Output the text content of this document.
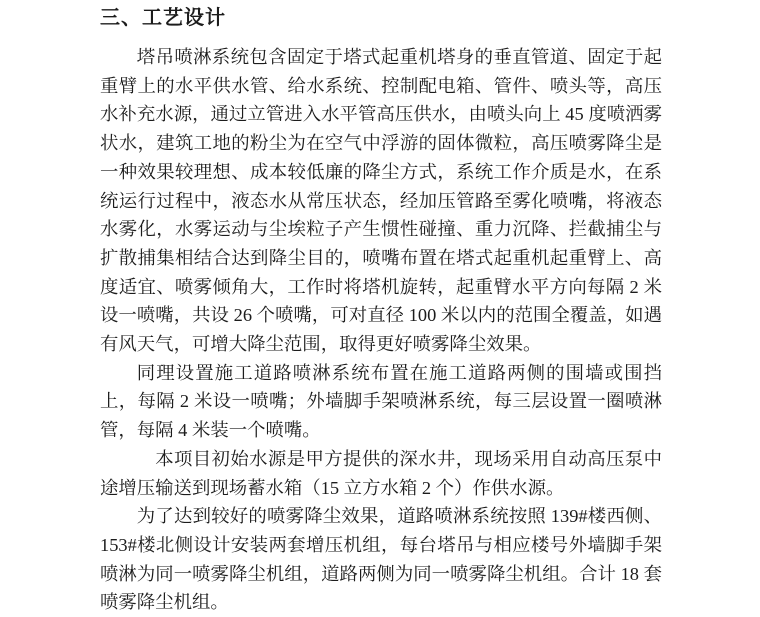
三、工艺设计

塔吊喷淋系统包含固定于塔式起重机塔身的垂直管道、固定于起重臂上的水平供水管、给水系统、控制配电箱、管件、喷头等，高压水补充水源，通过立管进入水平管高压供水，由喷头向上 45 度喷洒雾状水，建筑工地的粉尘为在空气中浮游的固体微粒，高压喷雾降尘是一种效果较理想、成本较低廉的降尘方式，系统工作介质是水，在系统运行过程中，液态水从常压状态，经加压管路至雾化喷嘴，将液态水雾化，水雾运动与尘埃粒子产生惯性碰撞、重力沉降、拦截捕尘与扩散捕集相结合达到降尘目的，喷嘴布置在塔式起重机起重臂上、高度适宜、喷雾倾角大，工作时将塔机旋转，起重臂水平方向每隔 2 米设一喷嘴，共设 26 个喷嘴，可对直径 100 米以内的范围全覆盖，如遇有风天气，可增大降尘范围，取得更好喷雾降尘效果。

同理设置施工道路喷淋系统布置在施工道路两侧的围墙或围挡上，每隔 2 米设一喷嘴；外墙脚手架喷淋系统，每三层设置一圈喷淋管，每隔 4 米装一个喷嘴。

本项目初始水源是甲方提供的深水井，现场采用自动高压泵中途增压输送到现场蓄水箱（15 立方水箱 2 个）作供水源。

为了达到较好的喷雾降尘效果，道路喷淋系统按照 139#楼西侧、153#楼北侧设计安装两套增压机组，每台塔吊与相应楼号外墙脚手架喷淋为同一喷雾降尘机组，道路两侧为同一喷雾降尘机组。合计 18 套喷雾降尘机组。
